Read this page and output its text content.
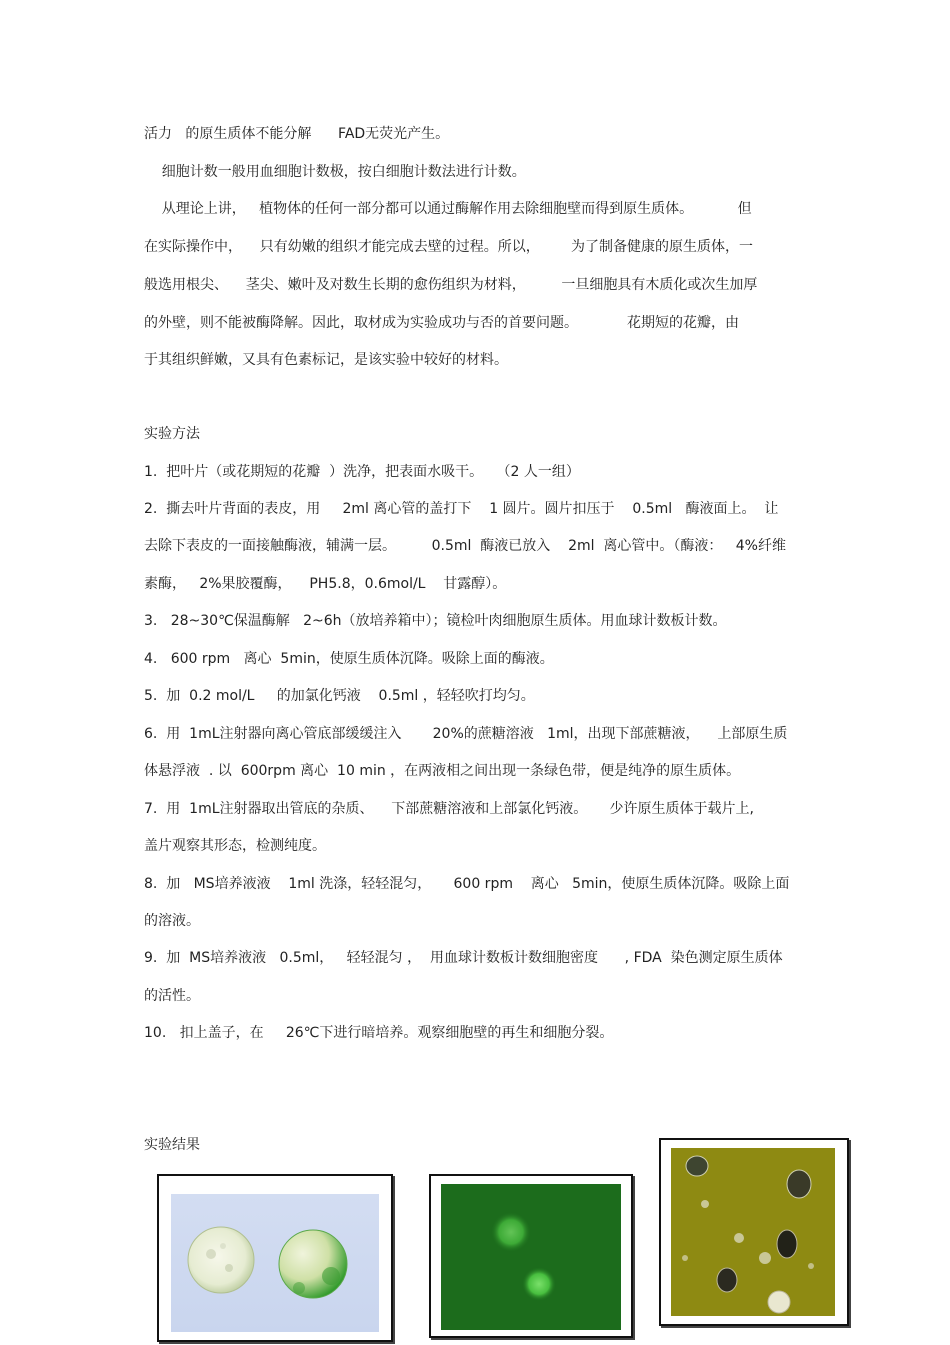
活力   的原生质体不能分解      FAD无荧光产生。
细胞计数一般用血细胞计数极，按白细胞计数法进行计数。
从理论上讲，   植物体的任何一部分都可以通过酶解作用去除细胞壁而得到原生质体。          但
在实际操作中，    只有幼嫩的组织才能完成去壁的过程。所以，       为了制备健康的原生质体，一
般选用根尖、    茎尖、嫩叶及对数生长期的愈伤组织为材料，        一旦细胞具有木质化或次生加厚
的外壁，则不能被酶降解。因此，取材成为实验成功与否的首要问题。           花期短的花瓣，由
于其组织鲜嫩，又具有色素标记，是该实验中较好的材料。
实验方法
1.  把叶片（或花期短的花瓣  ）洗净，把表面水吸干。   （2 人一组）
2.  撕去叶片背面的表皮，用     2ml 离心管的盖打下    1 圆片。圆片扣压于    0.5ml   酶液面上。  让
去除下表皮的一面接触酶液，辅满一层。        0.5ml  酶液已放入    2ml  离心管中。（酶液：   4%纤维
素酶，   2%果胶覆酶，    PH5.8，0.6mol/L    甘露醇）。
3.   28~30℃保温酶解   2~6h（放培养箱中）；镜检叶肉细胞原生质体。用血球计数板计数。
4.   600 rpm   离心  5min，使原生质体沉降。吸除上面的酶液。
5.  加  0.2 mol/L     的加氯化钙液    0.5ml ，轻轻吹打均匀。
6.  用  1mL注射器向离心管底部缓缓注入       20%的蔗糖溶液   1ml，出现下部蔗糖液，    上部原生质
体悬浮液  . 以  600rpm 离心  10 min ，在两液相之间出现一条绿色带，便是纯净的原生质体。
7.  用  1mL注射器取出管底的杂质、    下部蔗糖溶液和上部氯化钙液。     少许原生质体于载片上,
盖片观察其形态，检测纯度。
8.  加   MS培养液液    1ml 洗涤，轻轻混匀，     600 rpm    离心   5min，使原生质体沉降。吸除上面
的溶液。
9.  加  MS培养液液   0.5ml，   轻轻混匀 ，  用血球计数板计数细胞密度      , FDA  染色测定原生质体
的活性。
10.   扣上盖子，在     26℃下进行暗培养。观察细胞壁的再生和细胞分裂。
实验结果
